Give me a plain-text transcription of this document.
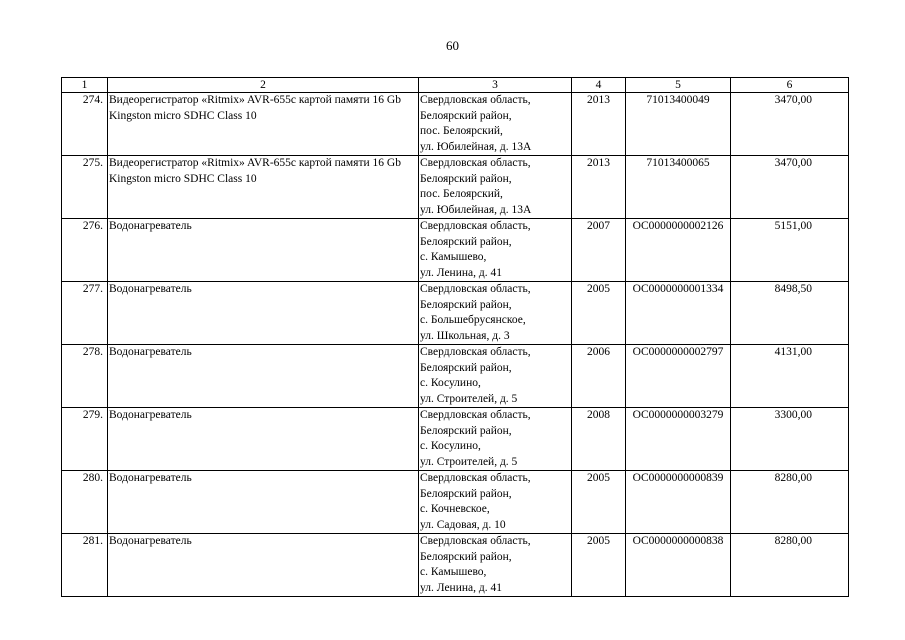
60
1	2	3	4	5	6
274.	Видеорегистратор «Ritmix» AVR-655c картой памяти 16 Gb Kingston micro SDHC Class 10	Свердловская область,
Белоярский район,
пос. Белоярский,
ул. Юбилейная, д. 13А	2013	71013400049	3470,00
275.	Видеорегистратор «Ritmix» AVR-655c картой памяти 16 Gb Kingston micro SDHC Class 10	Свердловская область,
Белоярский район,
пос. Белоярский,
ул. Юбилейная, д. 13А	2013	71013400065	3470,00
276.	Водонагреватель	Свердловская область,
Белоярский район,
с. Камышево,
ул. Ленина, д. 41	2007	ОС0000000002126	5151,00
277.	Водонагреватель	Свердловская область,
Белоярский район,
с. Большебрусянское,
ул. Школьная, д. 3	2005	ОС0000000001334	8498,50
278.	Водонагреватель	Свердловская область,
Белоярский район,
с. Косулино,
ул. Строителей, д. 5	2006	ОС0000000002797	4131,00
279.	Водонагреватель	Свердловская область,
Белоярский район,
с. Косулино,
ул. Строителей, д. 5	2008	ОС0000000003279	3300,00
280.	Водонагреватель	Свердловская область,
Белоярский район,
с. Кочневское,
ул. Садовая, д. 10	2005	ОС0000000000839	8280,00
281.	Водонагреватель	Свердловская область,
Белоярский район,
с. Камышево,
ул. Ленина, д. 41	2005	ОС0000000000838	8280,00
